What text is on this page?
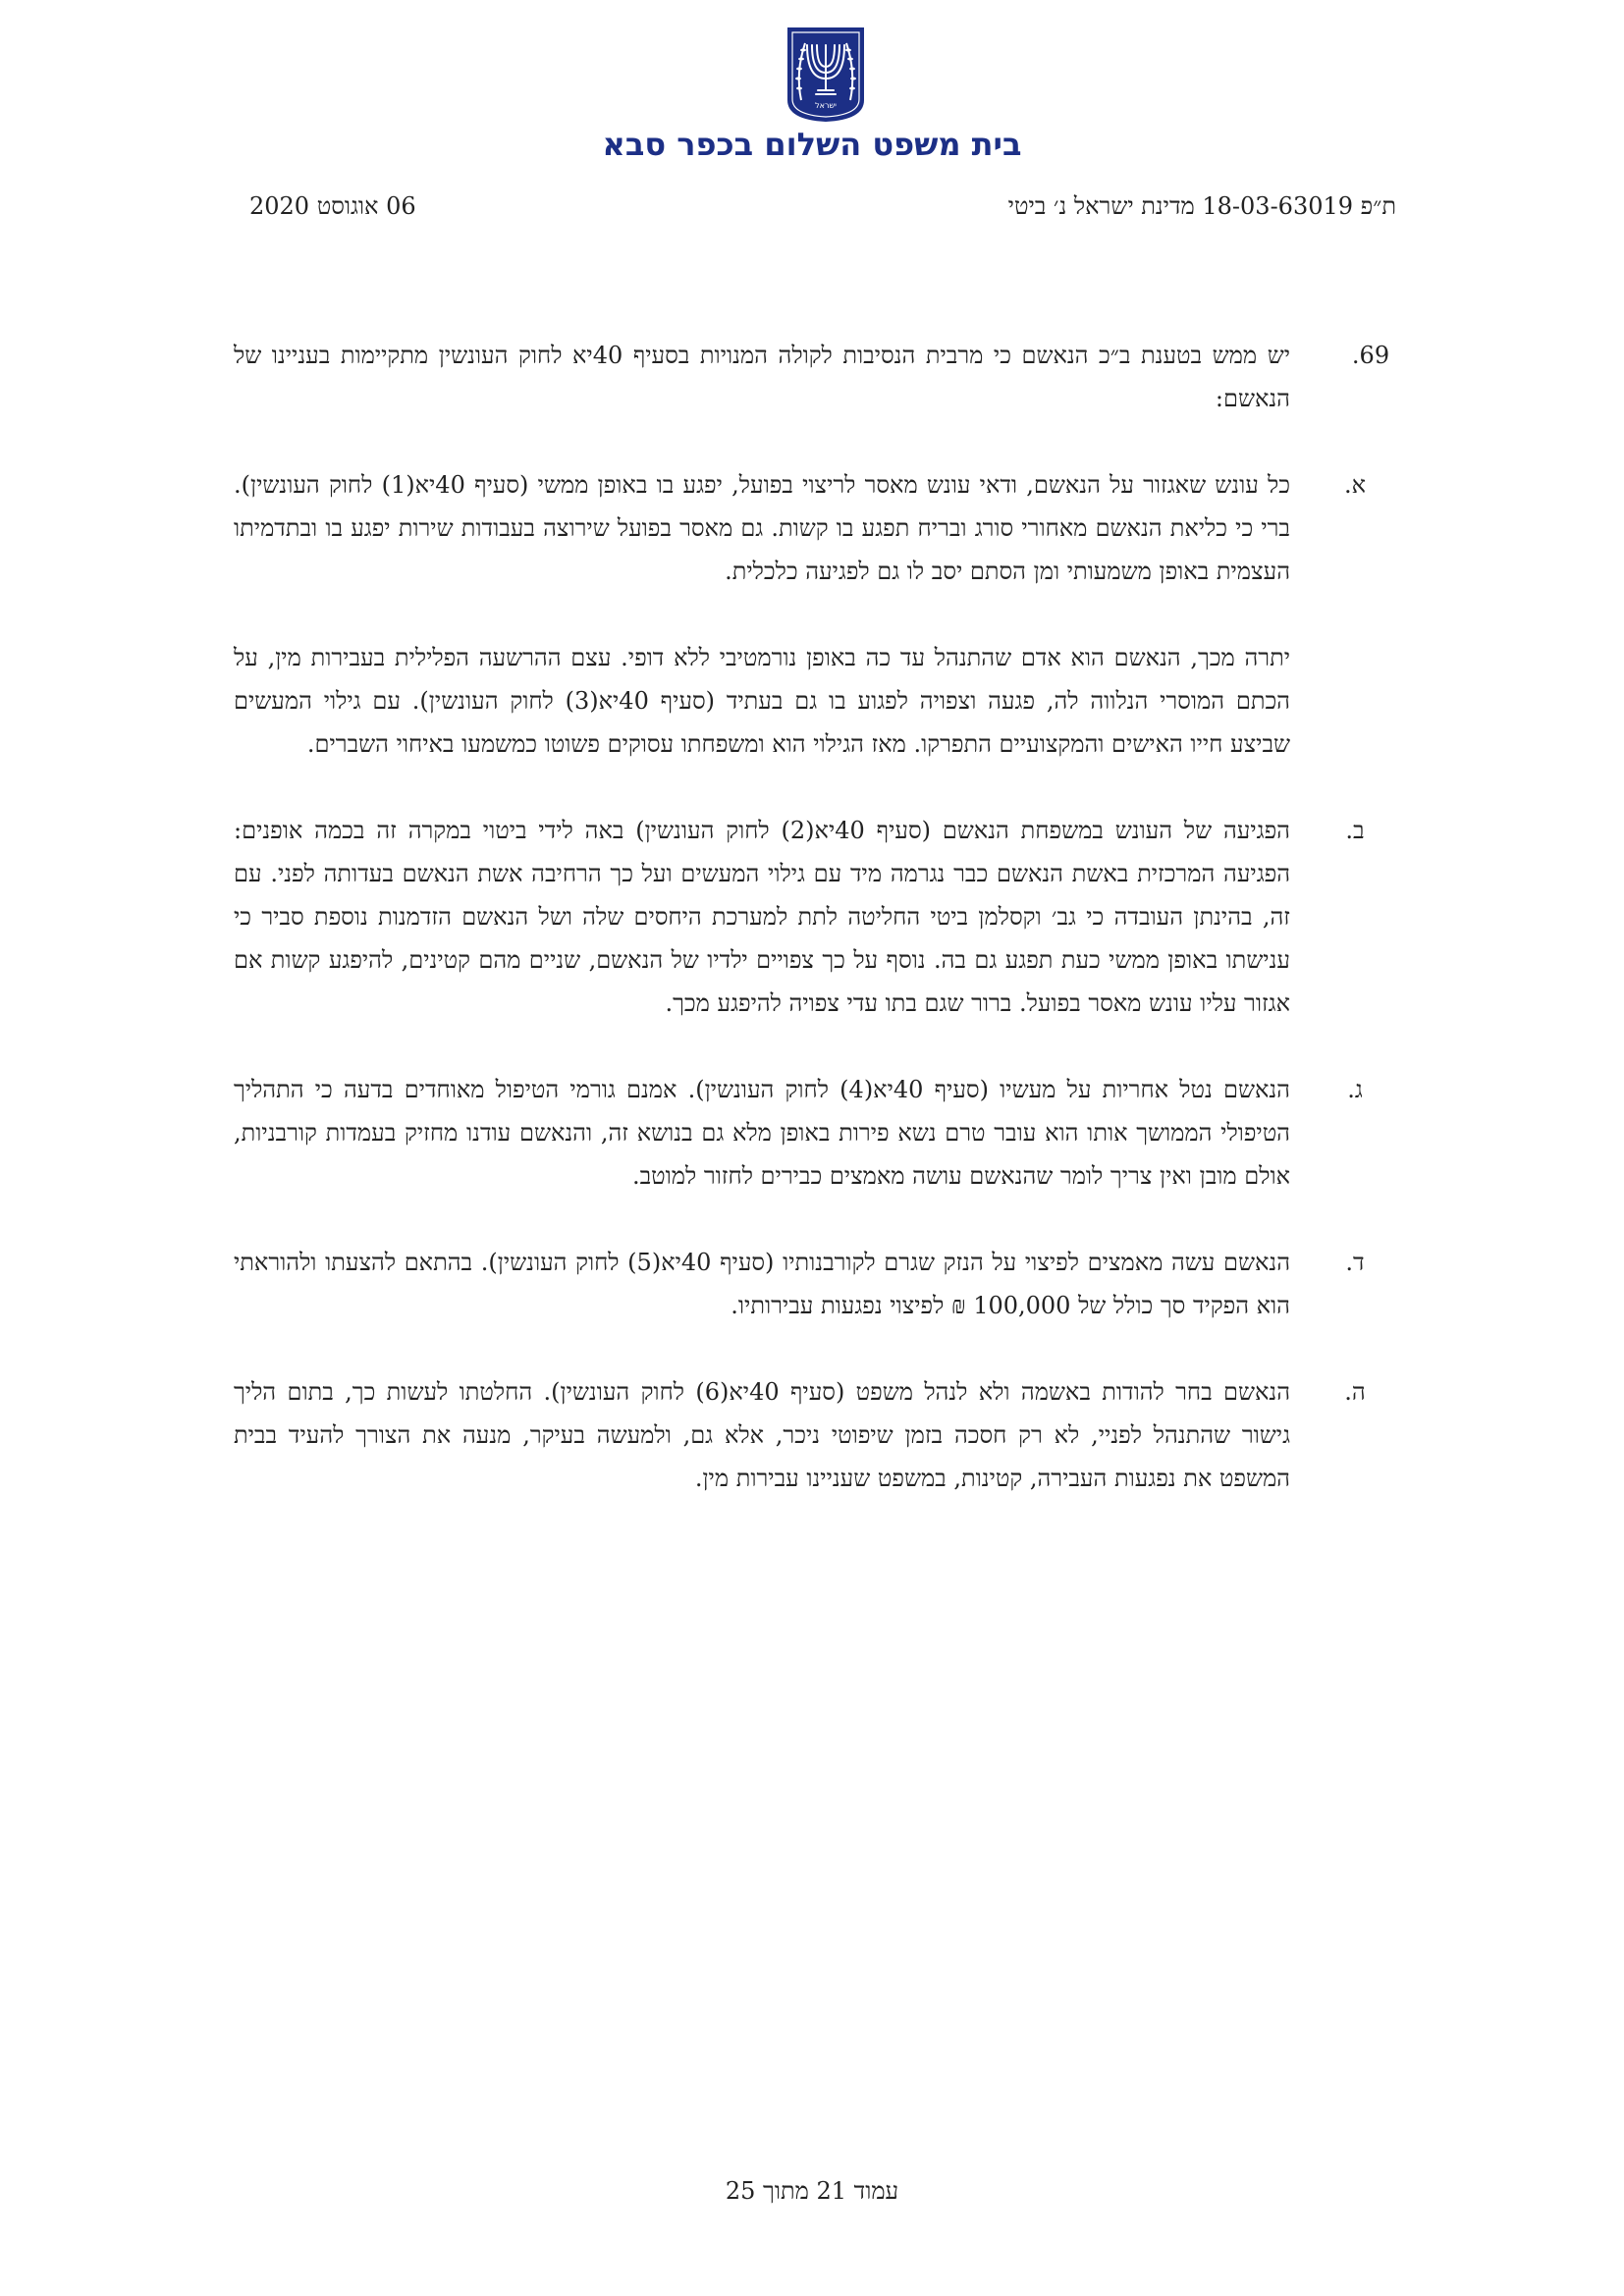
ישראל
בית משפט השלום בכפר סבא
ת״פ 18-03-63019 מדינת ישראל נ׳ ביטי
06 אוגוסט 2020
69.
יש ממש בטענת ב״כ הנאשם כי מרבית הנסיבות לקולה המנויות בסעיף 40יא לחוק העונשין מתקיימות בעניינו של הנאשם:
א.
כל עונש שאגזור על הנאשם, ודאי עונש מאסר לריצוי בפועל, יפגע בו באופן ממשי (סעיף 40יא(1) לחוק העונשין). ברי כי כליאת הנאשם מאחורי סורג ובריח תפגע בו קשות. גם מאסר בפועל שירוצה בעבודות שירות יפגע בו ובתדמיתו העצמית באופן משמעותי ומן הסתם יסב לו גם לפגיעה כלכלית.
יתרה מכך, הנאשם הוא אדם שהתנהל עד כה באופן נורמטיבי ללא דופי. עצם ההרשעה הפלילית בעבירות מין, על הכתם המוסרי הנלווה לה, פגעה וצפויה לפגוע בו גם בעתיד (סעיף 40יא(3) לחוק העונשין). עם גילוי המעשים שביצע חייו האישים והמקצועיים התפרקו. מאז הגילוי הוא ומשפחתו עסוקים פשוטו כמשמעו באיחוי השברים.
ב.
הפגיעה של העונש במשפחת הנאשם (סעיף 40יא(2) לחוק העונשין) באה לידי ביטוי במקרה זה בכמה אופנים: הפגיעה המרכזית באשת הנאשם כבר נגרמה מיד עם גילוי המעשים ועל כך הרחיבה אשת הנאשם בעדותה לפני. עם זה, בהינתן העובדה כי גב׳ וקסלמן ביטי החליטה לתת למערכת היחסים שלה ושל הנאשם הזדמנות נוספת סביר כי ענישתו באופן ממשי כעת תפגע גם בה. נוסף על כך צפויים ילדיו של הנאשם, שניים מהם קטינים, להיפגע קשות אם אגזור עליו עונש מאסר בפועל. ברור שגם בתו עדי צפויה להיפגע מכך.
ג.
הנאשם נטל אחריות על מעשיו (סעיף 40יא(4) לחוק העונשין). אמנם גורמי הטיפול מאוחדים בדעה כי התהליך הטיפולי הממושך אותו הוא עובר טרם נשא פירות באופן מלא גם בנושא זה, והנאשם עודנו מחזיק בעמדות קורבניות, אולם מובן ואין צריך לומר שהנאשם עושה מאמצים כבירים לחזור למוטב.
ד.
הנאשם עשה מאמצים לפיצוי על הנזק שגרם לקורבנותיו (סעיף 40יא(5) לחוק העונשין). בהתאם להצעתו ולהוראתי הוא הפקיד סך כולל של 100,000 ₪ לפיצוי נפגעות עבירותיו.
ה.
הנאשם בחר להודות באשמה ולא לנהל משפט (סעיף 40יא(6) לחוק העונשין). החלטתו לעשות כך, בתום הליך גישור שהתנהל לפניי, לא רק חסכה בזמן שיפוטי ניכר, אלא גם, ולמעשה בעיקר, מנעה את הצורך להעיד בבית המשפט את נפגעות העבירה, קטינות, במשפט שעניינו עבירות מין.
עמוד 21 מתוך 25
